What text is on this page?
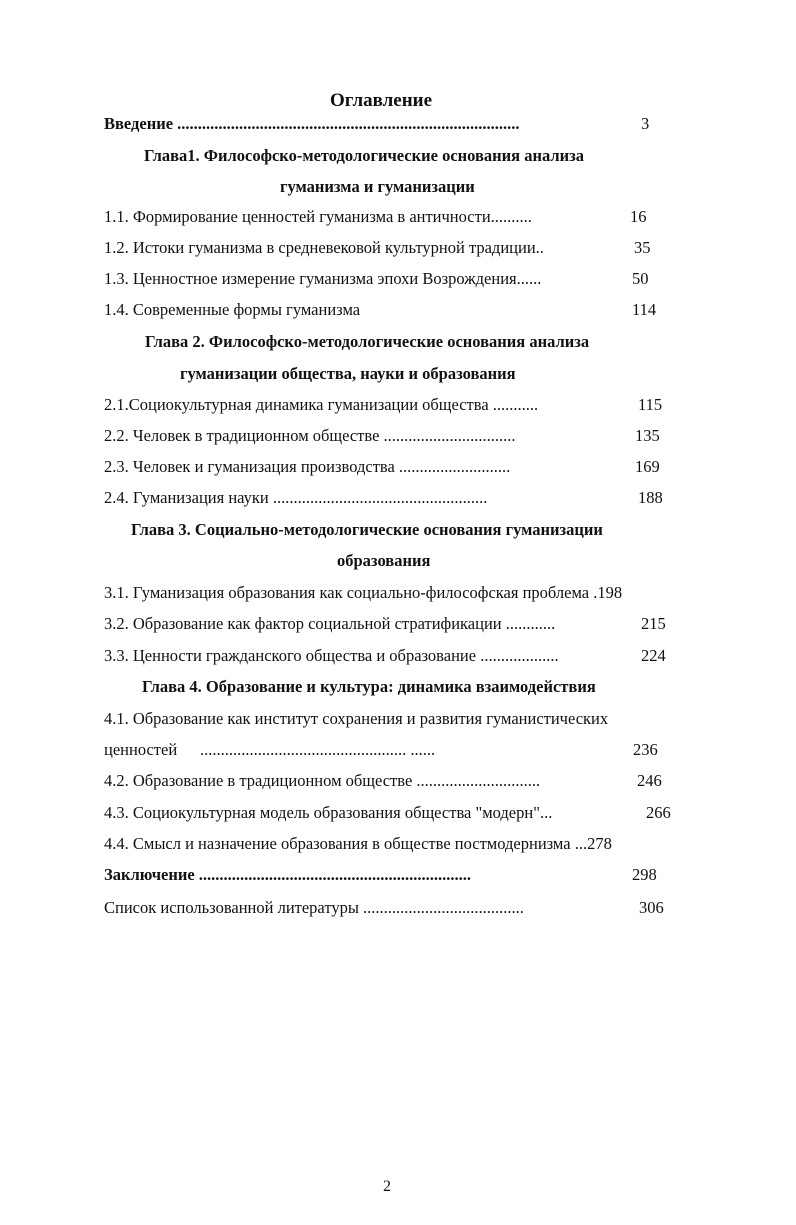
Оглавление
Введение ...................................................................................	3
Глава1. Философско-методологические основания анализа
гуманизма и гуманизации
1.1. Формирование ценностей гуманизма в античности..........	16
1.2. Истоки гуманизма в средневековой культурной традиции..	35
1.3. Ценностное измерение гуманизма эпохи Возрождения......	50
1.4. Современные формы гуманизма	114
Глава 2. Философско-методологические основания анализа
гуманизации общества, науки и образования
2.1.Социокультурная динамика гуманизации общества ...........	115
2.2. Человек в традиционном обществе ................................	135
2.3. Человек и гуманизация производства ...........................	169
2.4. Гуманизация науки ....................................................	188
Глава 3. Социально-методологические основания гуманизации
образования
3.1. Гуманизация образования как социально-философская проблема .198
3.2. Образование как фактор социальной стратификации ............	215
3.3. Ценности гражданского общества и образование ...................	224
Глава 4. Образование и культура: динамика взаимодействия
4.1. Образование как институт сохранения и развития гуманистических
ценностей .................................................. ......	236
4.2. Образование в традиционном обществе ..............................	246
4.3. Социокультурная модель образования общества "модерн"...	266
4.4. Смысл и назначение образования в обществе постмодернизма ...278
Заключение ..................................................................	298
Список использованной литературы .......................................	306
2
